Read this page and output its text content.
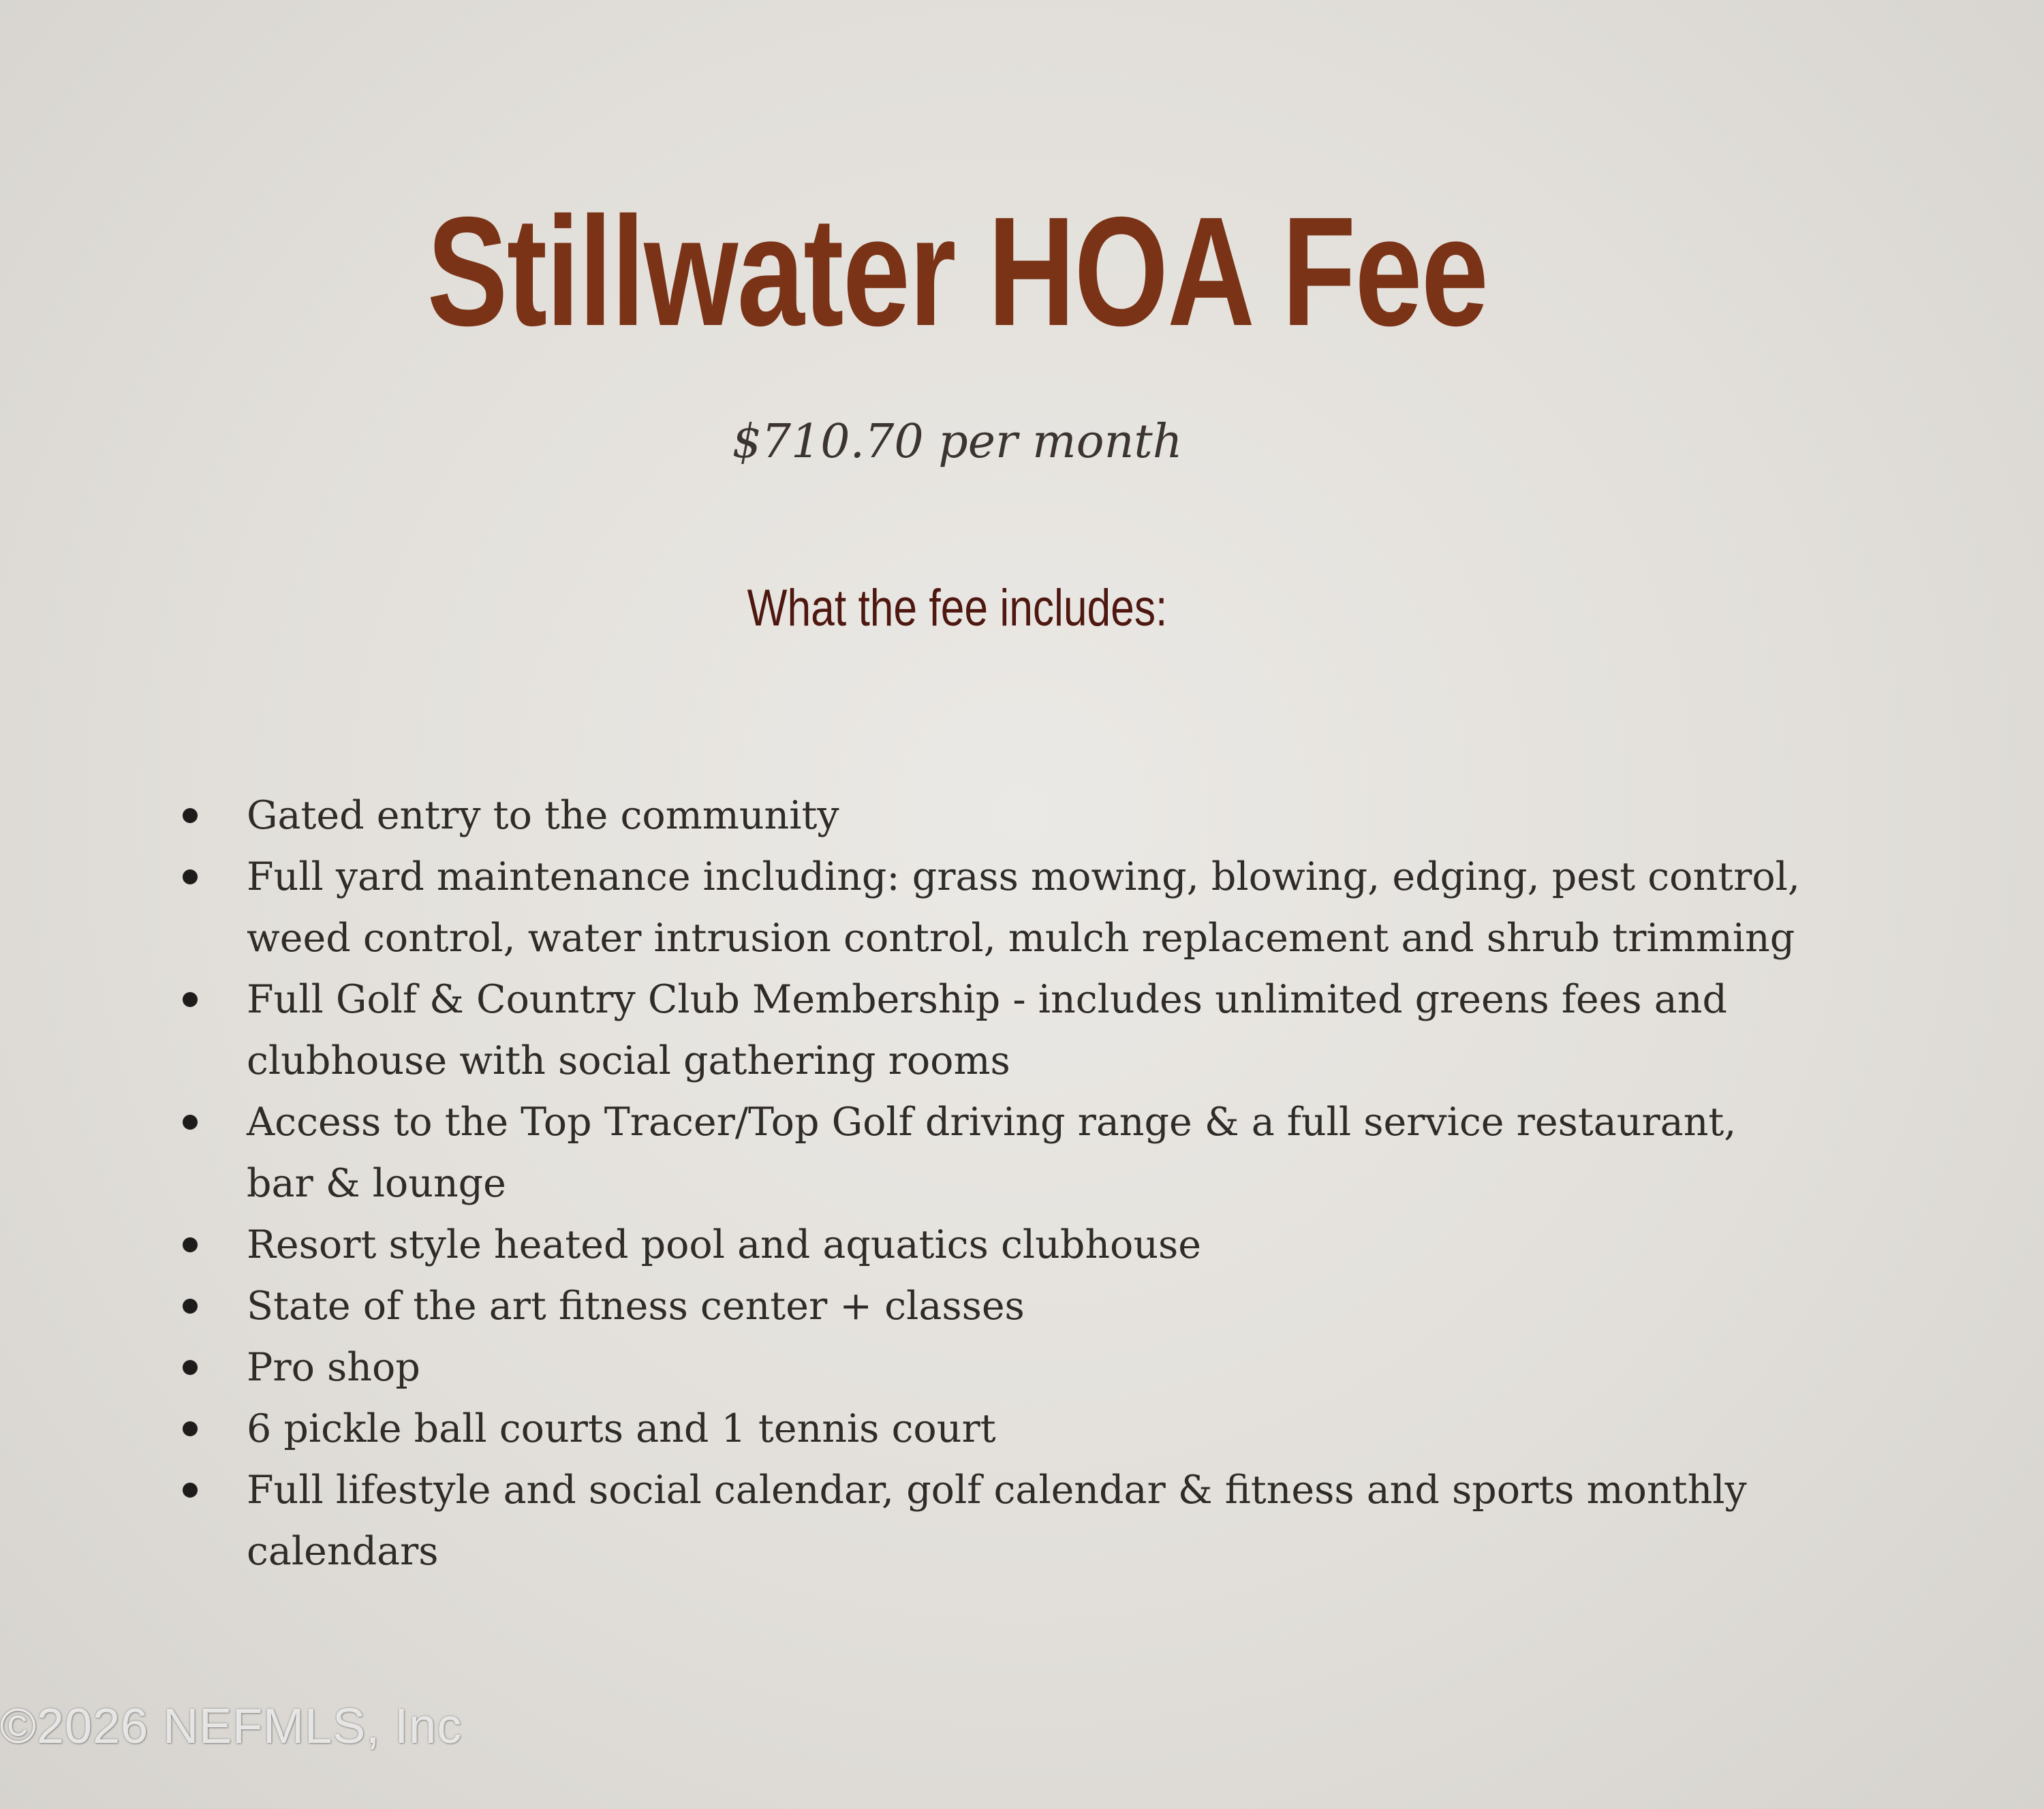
Stillwater HOA Fee
$710.70 per month
What the fee includes:
Gated entry to the community
Full yard maintenance including: grass mowing, blowing, edging, pest control, weed control, water intrusion control, mulch replacement and shrub trimming
Full Golf & Country Club Membership - includes unlimited greens fees and clubhouse with social gathering rooms
Access to the Top Tracer/Top Golf driving range & a full service restaurant, bar & lounge
Resort style heated pool and aquatics clubhouse
State of the art fitness center + classes
Pro shop
6 pickle ball courts and 1 tennis court
Full lifestyle and social calendar, golf calendar & fitness and sports monthly calendars
©2026 NEFMLS, Inc
